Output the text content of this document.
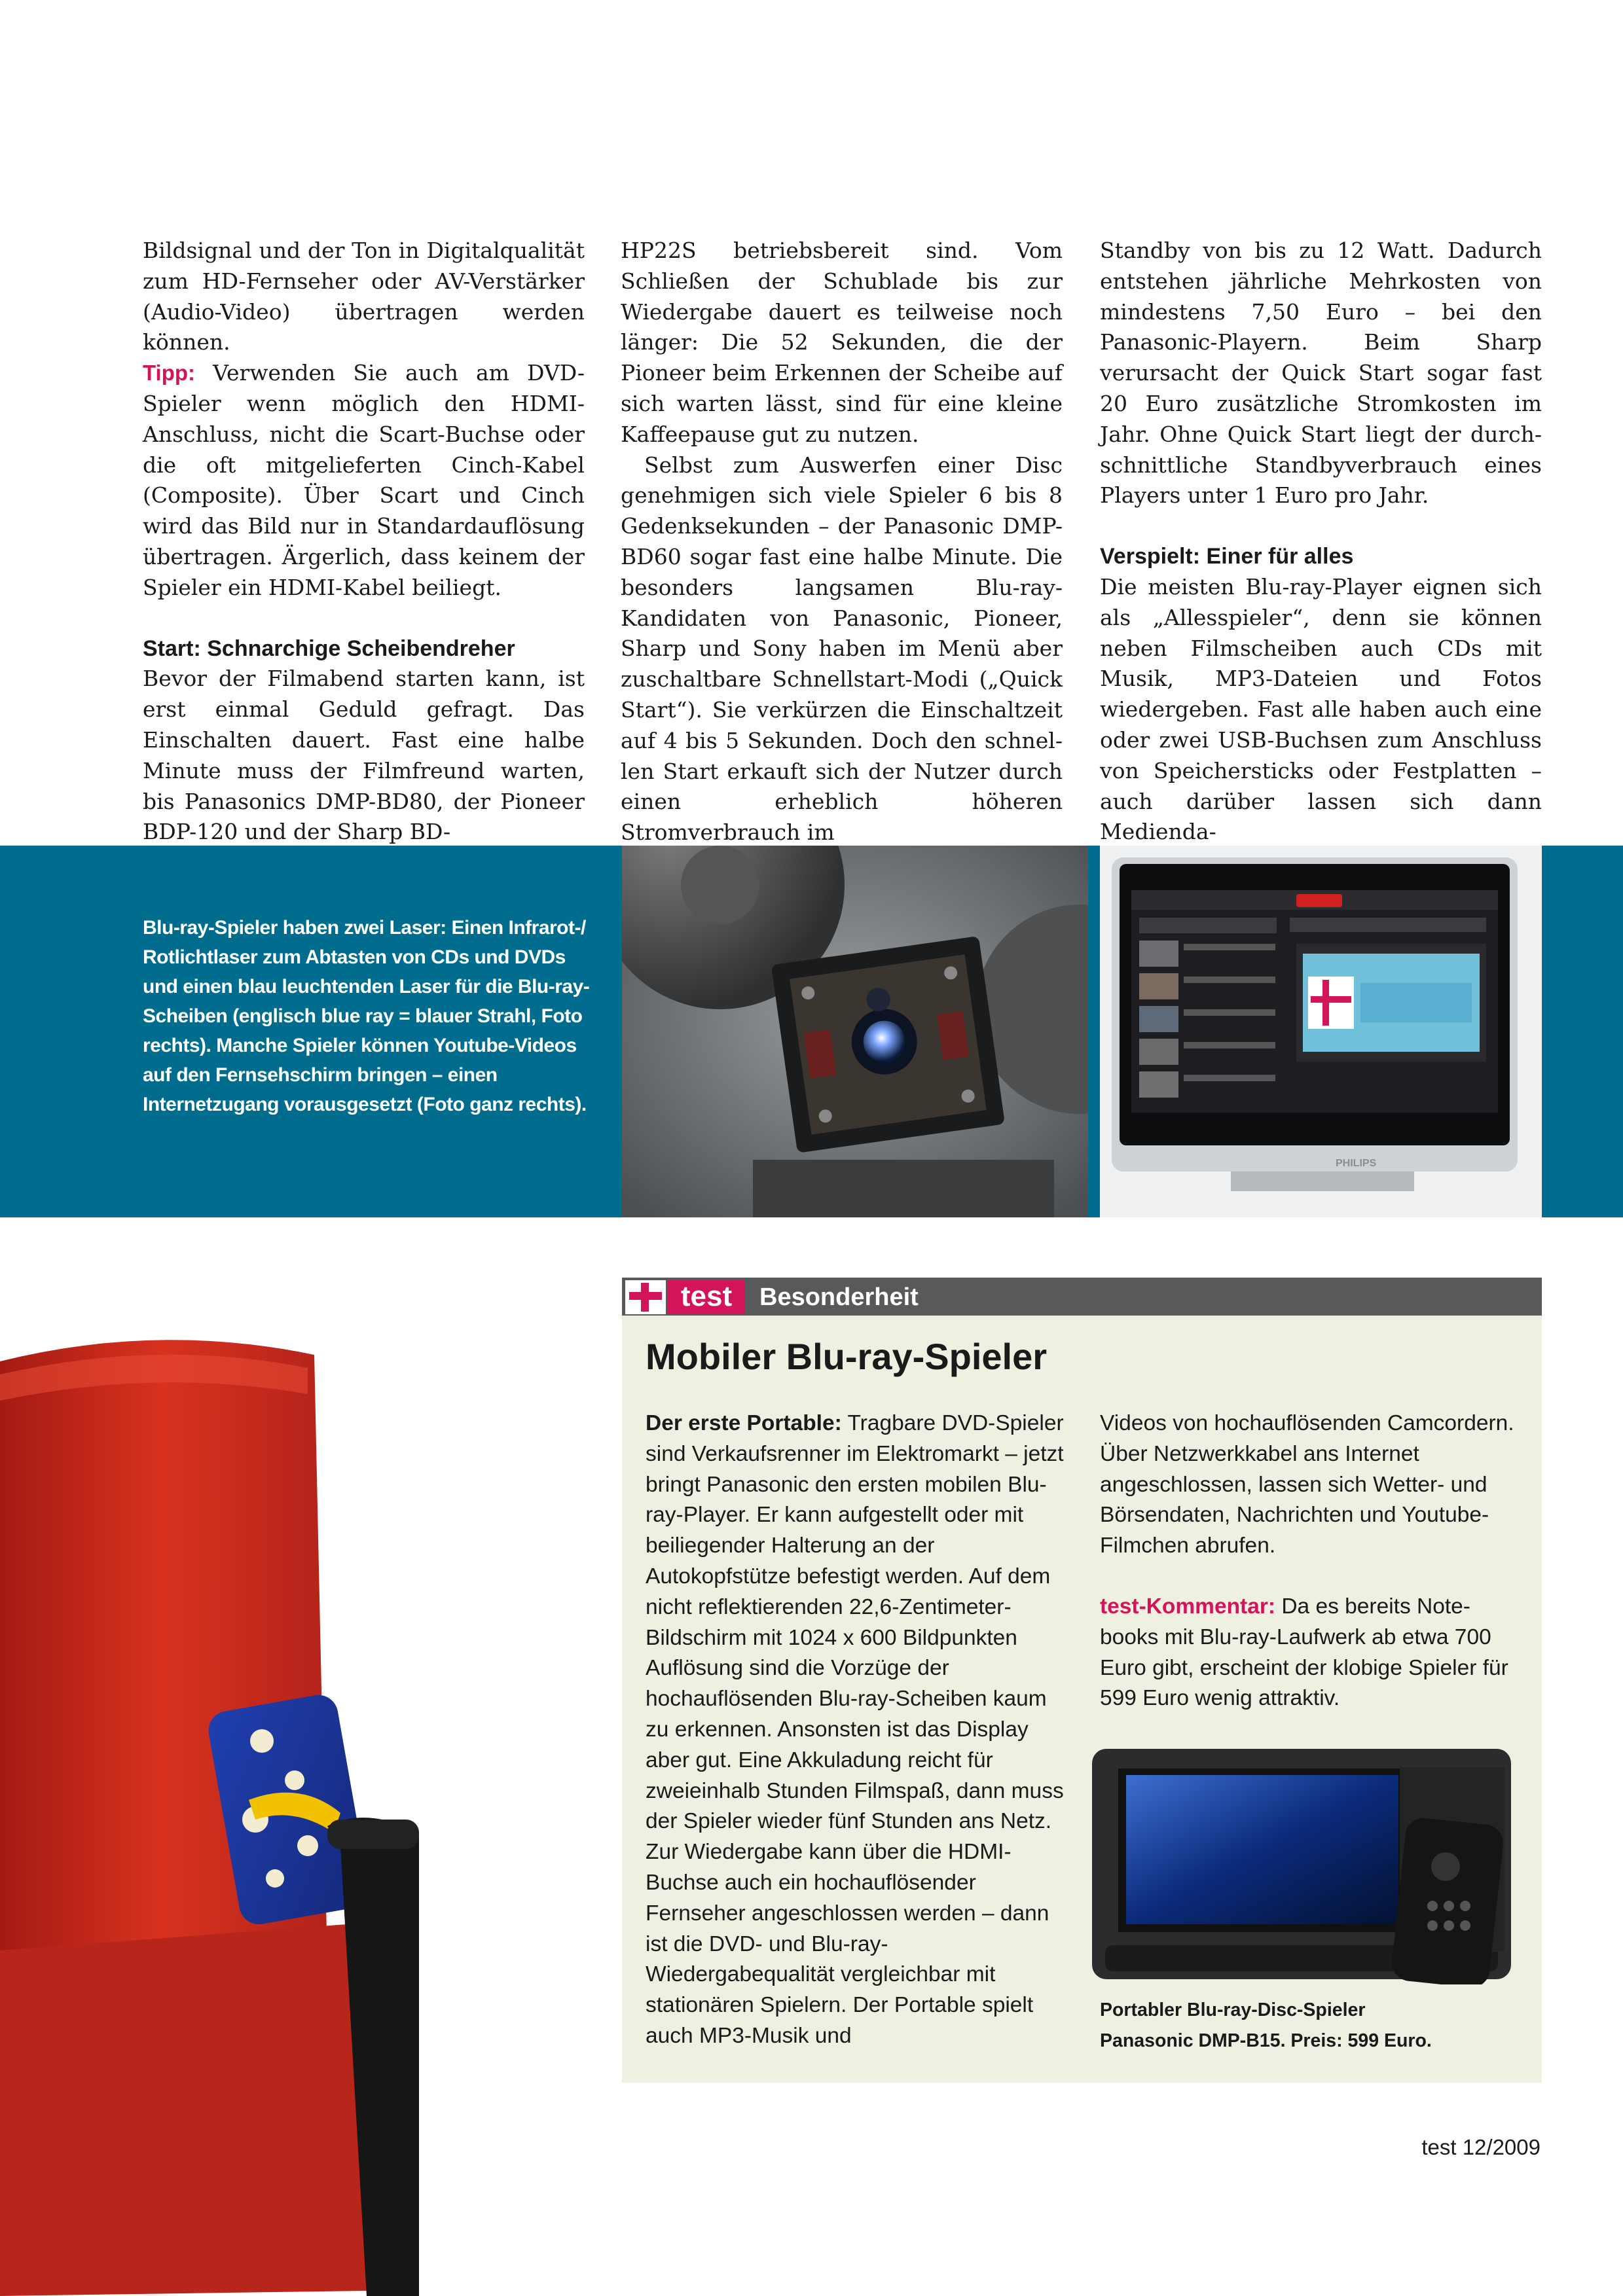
Bildsignal und der Ton in Digitalqualität zum HD-Fernseher oder AV-Verstärker (Audio-Video) übertragen werden können.

Tipp: Verwenden Sie auch am DVD-Spieler wenn möglich den HDMI-Anschluss, nicht die Scart-Buchse oder die oft mitgelieferten Cinch-Kabel (Composite). Über Scart und Cinch wird das Bild nur in Standardauflösung übertragen. Ärgerlich, dass keinem der Spieler ein HDMI-Kabel beiliegt.

Start: Schnarchige Scheibendreher

Bevor der Filmabend starten kann, ist erst einmal Geduld gefragt. Das Einschalten dauert. Fast eine halbe Minute muss der Filmfreund warten, bis Panasonics DMP-BD80, der Pioneer BDP-120 und der Sharp BD-

HP22S betriebsbereit sind. Vom Schließen der Schublade bis zur Wiedergabe dauert es teilweise noch länger: Die 52 Sekunden, die der Pioneer beim Erkennen der Scheibe auf sich warten lässt, sind für eine kleine Kaffeepause gut zu nutzen.

Selbst zum Auswerfen einer Disc genehmigen sich viele Spieler 6 bis 8 Gedenksekunden – der Panasonic DMP-BD60 sogar fast eine halbe Minute. Die besonders langsamen Blu-ray-Kandidaten von Panasonic, Pioneer, Sharp und Sony haben im Menü aber zuschaltbare Schnellstart-Modi („Quick Start“). Sie verkürzen die Einschaltzeit auf 4 bis 5 Sekunden. Doch den schnellen Start erkauft sich der Nutzer durch einen erheblich höheren Stromverbrauch im

Standby von bis zu 12 Watt. Dadurch entstehen jährliche Mehrkosten von mindestens 7,50 Euro – bei den Panasonic-Playern. Beim Sharp verursacht der Quick Start sogar fast 20 Euro zusätzliche Stromkosten im Jahr. Ohne Quick Start liegt der durchschnittliche Standbyverbrauch eines Players unter 1 Euro pro Jahr.

Verspielt: Einer für alles

Die meisten Blu-ray-Player eignen sich als „Allesspieler“, denn sie können neben Filmscheiben auch CDs mit Musik, MP3-Dateien und Fotos wiedergeben. Fast alle haben auch eine oder zwei USB-Buchsen zum Anschluss von Speichersticks oder Festplatten – auch darüber lassen sich dann Medienda-

Blu-ray-Spieler haben zwei Laser: Einen Infrarot-/ Rotlichtlaser zum Abtasten von CDs und DVDs und einen blau leuchtenden Laser für die Blu-ray-Scheiben (englisch blue ray = blauer Strahl, Foto rechts). Manche Spieler können Youtube-Videos auf den Fernsehschirm bringen – einen Internetzugang vorausgesetzt (Foto ganz rechts).
PHILIPS
test	Besonderheit
Mobiler Blu-ray-Spieler

Der erste Portable: Tragbare DVD-Spieler sind Verkaufsrenner im Elektromarkt – jetzt bringt Panasonic den ersten mobilen Blu-ray-Player. Er kann aufgestellt oder mit beiliegender Halterung an der Autokopfstütze befestigt werden. Auf dem nicht reflektierenden 22,6-Zentimeter-Bildschirm mit 1024 x 600 Bildpunkten Auflösung sind die Vorzüge der hochauflösenden Blu-ray-Scheiben kaum zu erkennen. Ansonsten ist das Display aber gut. Eine Akkuladung reicht für zweieinhalb Stunden Filmspaß, dann muss der Spieler wieder fünf Stunden ans Netz. Zur Wiedergabe kann über die HDMI-Buchse auch ein hochauflösender Fernseher angeschlossen werden – dann ist die DVD- und Blu-ray-Wiedergabequalität vergleichbar mit stationären Spielern. Der Portable spielt auch MP3-Musik und

Videos von hochauflösenden Camcordern. Über Netzwerkkabel ans Internet angeschlossen, lassen sich Wetter- und Börsendaten, Nachrichten und Youtube-Filmchen abrufen.

test-Kommentar: Da es bereits Notebooks mit Blu-ray-Laufwerk ab etwa 700 Euro gibt, erscheint der klobige Spieler für 599 Euro wenig attraktiv.

Portabler Blu-ray-Disc-Spieler
Panasonic DMP-B15. Preis: 599 Euro.
test 12/2009
